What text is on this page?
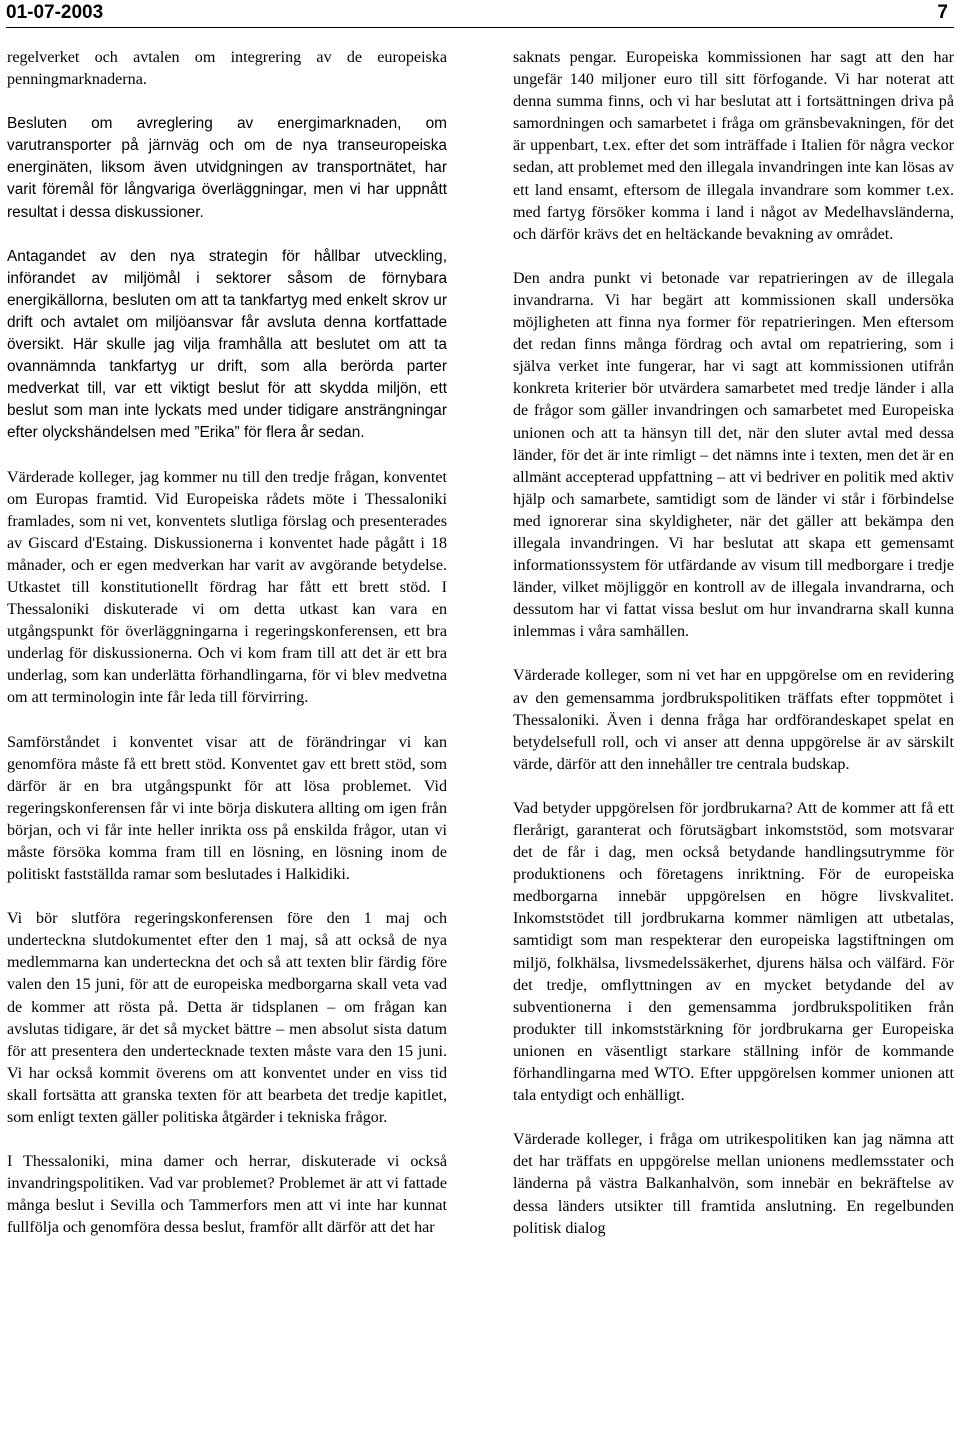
01-07-2003	7

regelverket och avtalen om integrering av de europeiska penningmarknaderna.

Besluten om avreglering av energimarknaden, om varutransporter på järnväg och om de nya transeuropeiska energinäten, liksom även utvidgningen av transportnätet, har varit föremål för långvariga överläggningar, men vi har uppnått resultat i dessa diskussioner.

Antagandet av den nya strategin för hållbar utveckling, införandet av miljömål i sektorer såsom de förnybara energikällorna, besluten om att ta tankfartyg med enkelt skrov ur drift och avtalet om miljöansvar får avsluta denna kortfattade översikt. Här skulle jag vilja framhålla att beslutet om att ta ovannämnda tankfartyg ur drift, som alla berörda parter medverkat till, var ett viktigt beslut för att skydda miljön, ett beslut som man inte lyckats med under tidigare ansträngningar efter olyckshändelsen med ”Erika” för flera år sedan.

Värderade kolleger, jag kommer nu till den tredje frågan, konventet om Europas framtid. Vid Europeiska rådets möte i Thessaloniki framlades, som ni vet, konventets slutliga förslag och presenterades av Giscard d'Estaing. Diskussionerna i konventet hade pågått i 18 månader, och er egen medverkan har varit av avgörande betydelse. Utkastet till konstitutionellt fördrag har fått ett brett stöd. I Thessaloniki diskuterade vi om detta utkast kan vara en utgångspunkt för överläggningarna i regeringskonferensen, ett bra underlag för diskussionerna. Och vi kom fram till att det är ett bra underlag, som kan underlätta förhandlingarna, för vi blev medvetna om att terminologin inte får leda till förvirring.

Samförståndet i konventet visar att de förändringar vi kan genomföra måste få ett brett stöd. Konventet gav ett brett stöd, som därför är en bra utgångspunkt för att lösa problemet. Vid regeringskonferensen får vi inte börja diskutera allting om igen från början, och vi får inte heller inrikta oss på enskilda frågor, utan vi måste försöka komma fram till en lösning, en lösning inom de politiskt fastställda ramar som beslutades i Halkidiki.

Vi bör slutföra regeringskonferensen före den 1 maj och underteckna slutdokumentet efter den 1 maj, så att också de nya medlemmarna kan underteckna det och så att texten blir färdig före valen den 15 juni, för att de europeiska medborgarna skall veta vad de kommer att rösta på. Detta är tidsplanen – om frågan kan avslutas tidigare, är det så mycket bättre – men absolut sista datum för att presentera den undertecknade texten måste vara den 15 juni. Vi har också kommit överens om att konventet under en viss tid skall fortsätta att granska texten för att bearbeta det tredje kapitlet, som enligt texten gäller politiska åtgärder i tekniska frågor.

I Thessaloniki, mina damer och herrar, diskuterade vi också invandringspolitiken. Vad var problemet? Problemet är att vi fattade många beslut i Sevilla och Tammerfors men att vi inte har kunnat fullfölja och genomföra dessa beslut, framför allt därför att det har

saknats pengar. Europeiska kommissionen har sagt att den har ungefär 140 miljoner euro till sitt förfogande. Vi har noterat att denna summa finns, och vi har beslutat att i fortsättningen driva på samordningen och samarbetet i fråga om gränsbevakningen, för det är uppenbart, t.ex. efter det som inträffade i Italien för några veckor sedan, att problemet med den illegala invandringen inte kan lösas av ett land ensamt, eftersom de illegala invandrare som kommer t.ex. med fartyg försöker komma i land i något av Medelhavsländerna, och därför krävs det en heltäckande bevakning av området.

Den andra punkt vi betonade var repatrieringen av de illegala invandrarna. Vi har begärt att kommissionen skall undersöka möjligheten att finna nya former för repatrieringen. Men eftersom det redan finns många fördrag och avtal om repatriering, som i själva verket inte fungerar, har vi sagt att kommissionen utifrån konkreta kriterier bör utvärdera samarbetet med tredje länder i alla de frågor som gäller invandringen och samarbetet med Europeiska unionen och att ta hänsyn till det, när den sluter avtal med dessa länder, för det är inte rimligt – det nämns inte i texten, men det är en allmänt accepterad uppfattning – att vi bedriver en politik med aktiv hjälp och samarbete, samtidigt som de länder vi står i förbindelse med ignorerar sina skyldigheter, när det gäller att bekämpa den illegala invandringen. Vi har beslutat att skapa ett gemensamt informationssystem för utfärdande av visum till medborgare i tredje länder, vilket möjliggör en kontroll av de illegala invandrarna, och dessutom har vi fattat vissa beslut om hur invandrarna skall kunna inlemmas i våra samhällen.

Värderade kolleger, som ni vet har en uppgörelse om en revidering av den gemensamma jordbrukspolitiken träffats efter toppmötet i Thessaloniki. Även i denna fråga har ordförandeskapet spelat en betydelsefull roll, och vi anser att denna uppgörelse är av särskilt värde, därför att den innehåller tre centrala budskap.

Vad betyder uppgörelsen för jordbrukarna? Att de kommer att få ett flerårigt, garanterat och förutsägbart inkomststöd, som motsvarar det de får i dag, men också betydande handlingsutrymme för produktionens och företagens inriktning. För de europeiska medborgarna innebär uppgörelsen en högre livskvalitet. Inkomststödet till jordbrukarna kommer nämligen att utbetalas, samtidigt som man respekterar den europeiska lagstiftningen om miljö, folkhälsa, livsmedelssäkerhet, djurens hälsa och välfärd. För det tredje, omflyttningen av en mycket betydande del av subventionerna i den gemensamma jordbrukspolitiken från produkter till inkomststärkning för jordbrukarna ger Europeiska unionen en väsentligt starkare ställning inför de kommande förhandlingarna med WTO. Efter uppgörelsen kommer unionen att tala entydigt och enhälligt.

Värderade kolleger, i fråga om utrikespolitiken kan jag nämna att det har träffats en uppgörelse mellan unionens medlemsstater och länderna på västra Balkanhalvön, som innebär en bekräftelse av dessa länders utsikter till framtida anslutning. En regelbunden politisk dialog
